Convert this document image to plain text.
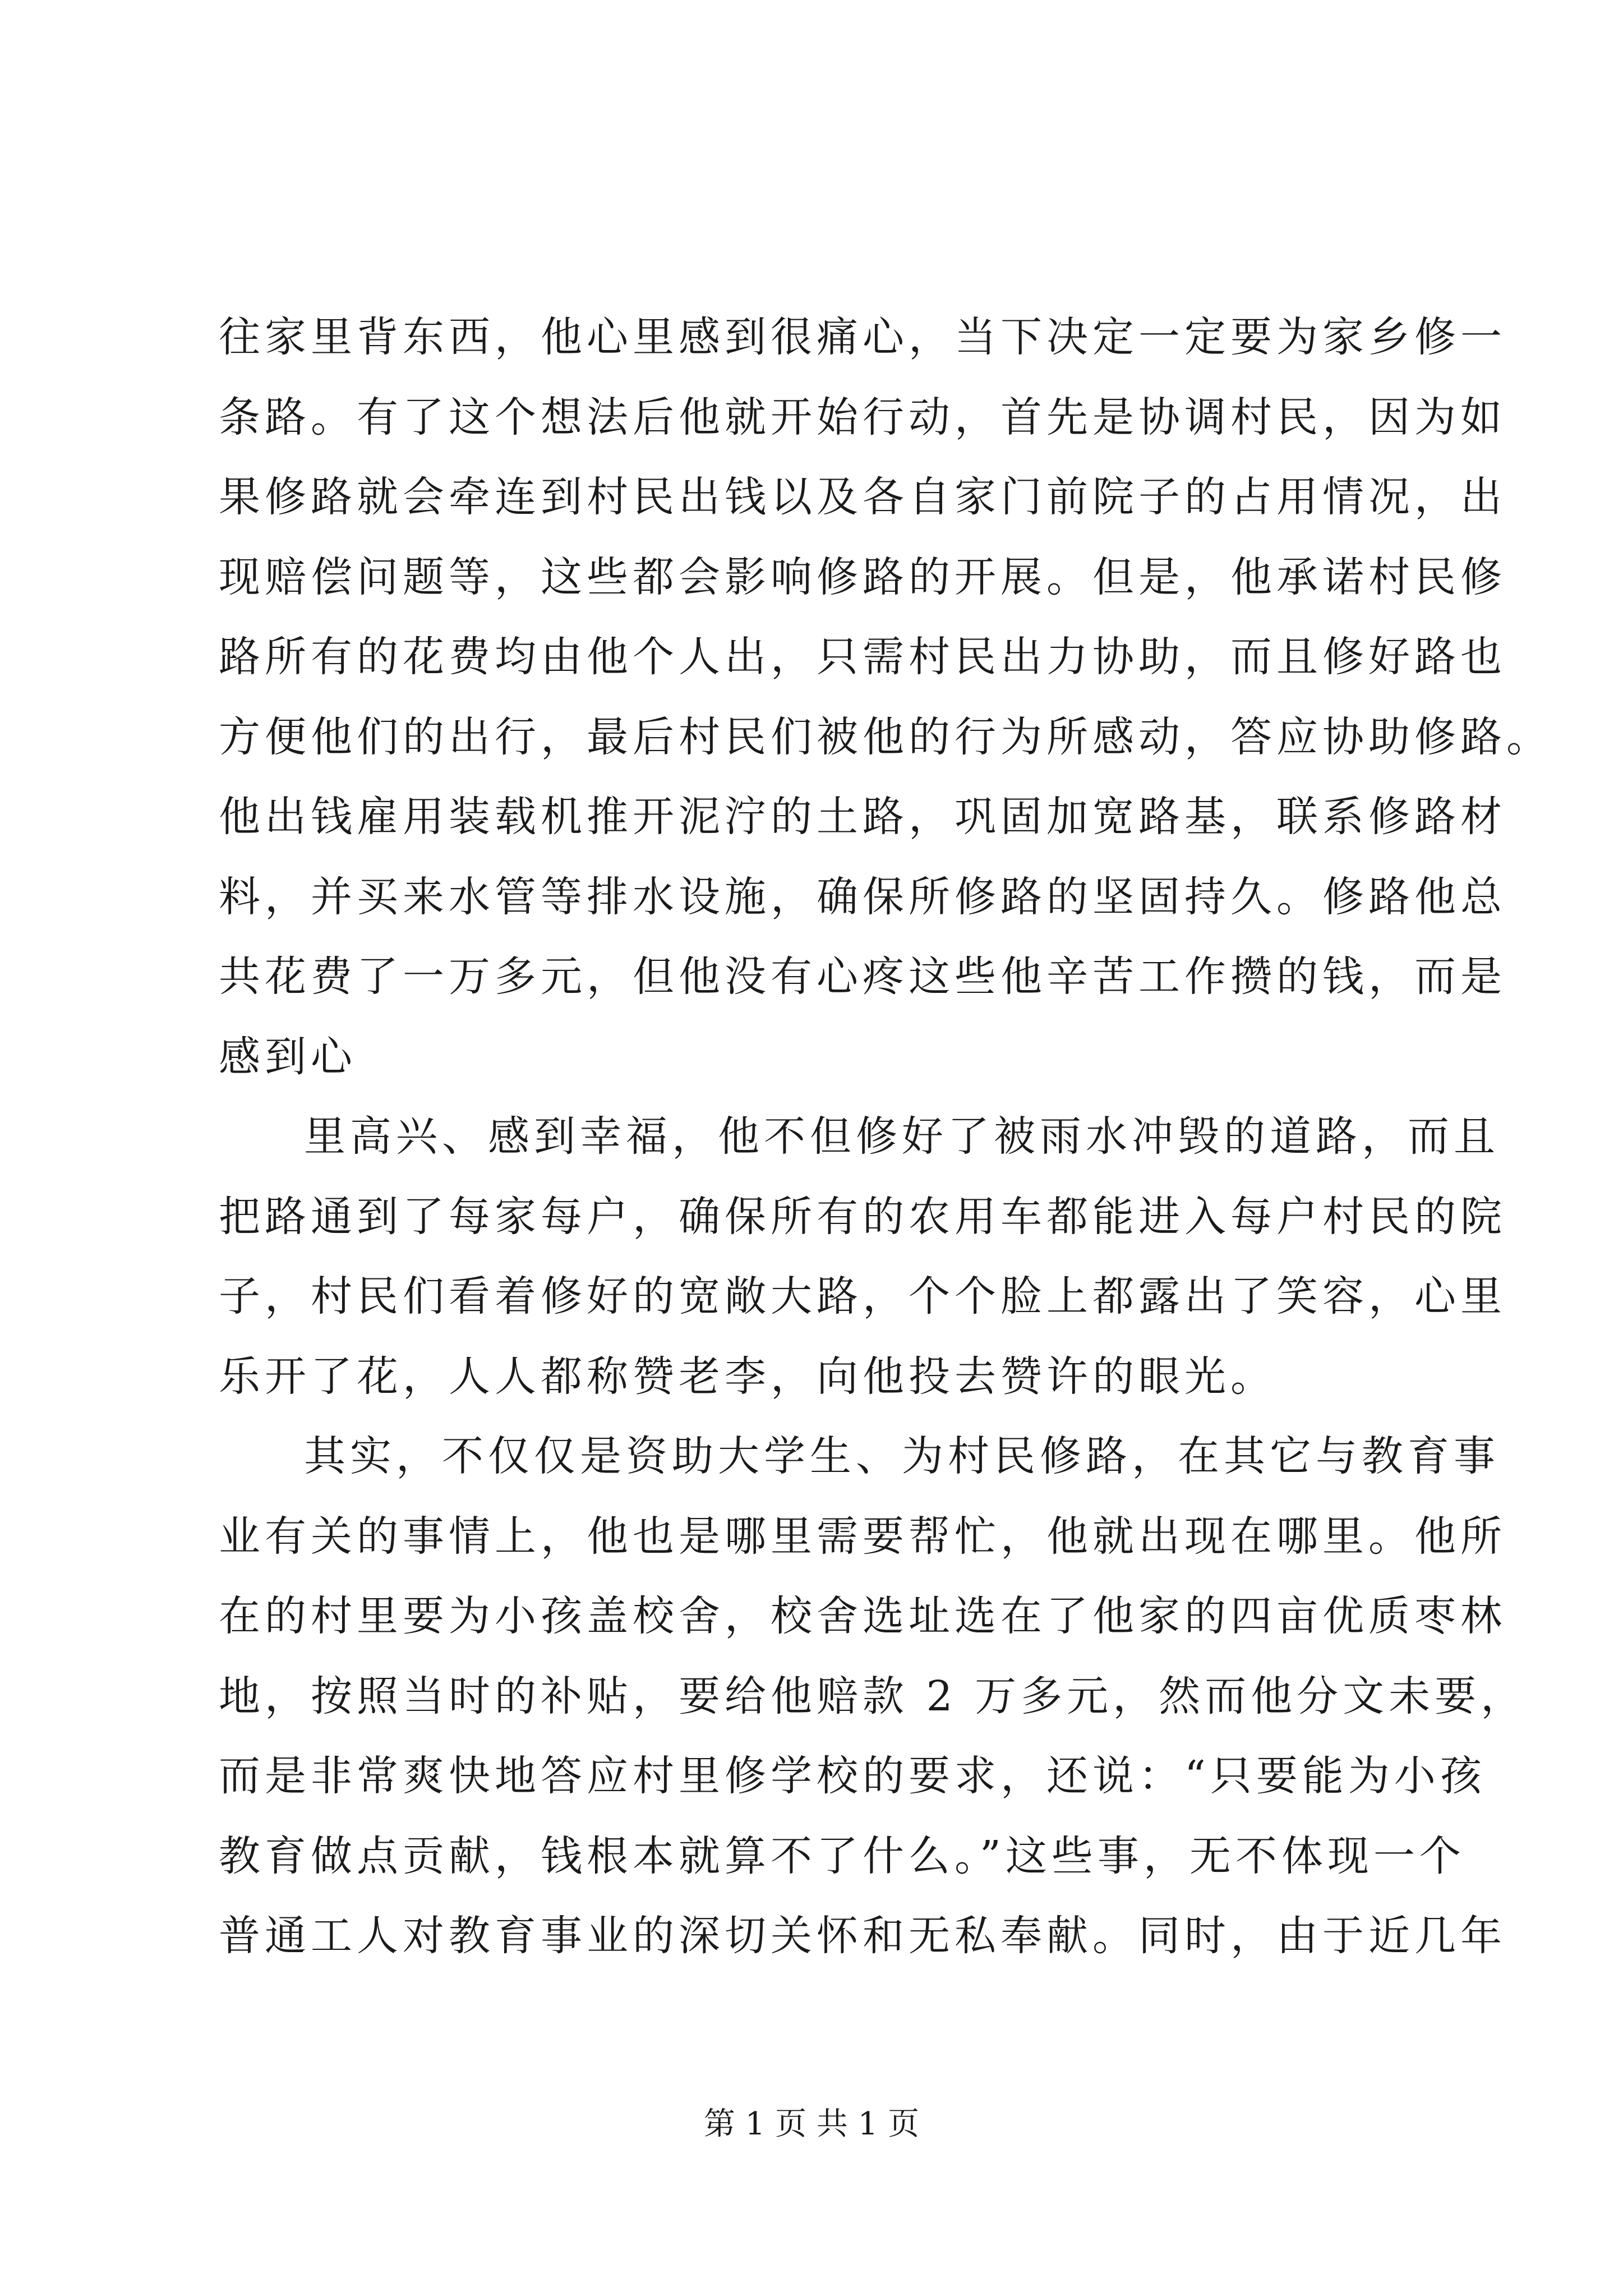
往家里背东西，他心里感到很痛心，当下决定一定要为家乡修一
条路。有了这个想法后他就开始行动，首先是协调村民，因为如
果修路就会牵连到村民出钱以及各自家门前院子的占用情况，出
现赔偿问题等，这些都会影响修路的开展。但是，他承诺村民修
路所有的花费均由他个人出，只需村民出力协助，而且修好路也
方便他们的出行，最后村民们被他的行为所感动，答应协助修路。
他出钱雇用装载机推开泥泞的土路，巩固加宽路基，联系修路材
料，并买来水管等排水设施，确保所修路的坚固持久。修路他总
共花费了一万多元，但他没有心疼这些他辛苦工作攒的钱，而是
感到心
里高兴、感到幸福，他不但修好了被雨水冲毁的道路，而且
把路通到了每家每户，确保所有的农用车都能进入每户村民的院
子，村民们看着修好的宽敞大路，个个脸上都露出了笑容，心里
乐开了花，人人都称赞老李，向他投去赞许的眼光。
其实，不仅仅是资助大学生、为村民修路，在其它与教育事
业有关的事情上，他也是哪里需要帮忙，他就出现在哪里。他所
在的村里要为小孩盖校舍，校舍选址选在了他家的四亩优质枣林
地，按照当时的补贴，要给他赔款 2 万多元，然而他分文未要，
而是非常爽快地答应村里修学校的要求，还说：“只要能为小孩
教育做点贡献，钱根本就算不了什么。”这些事，无不体现一个
普通工人对教育事业的深切关怀和无私奉献。同时，由于近几年
第 1 页 共 1 页
